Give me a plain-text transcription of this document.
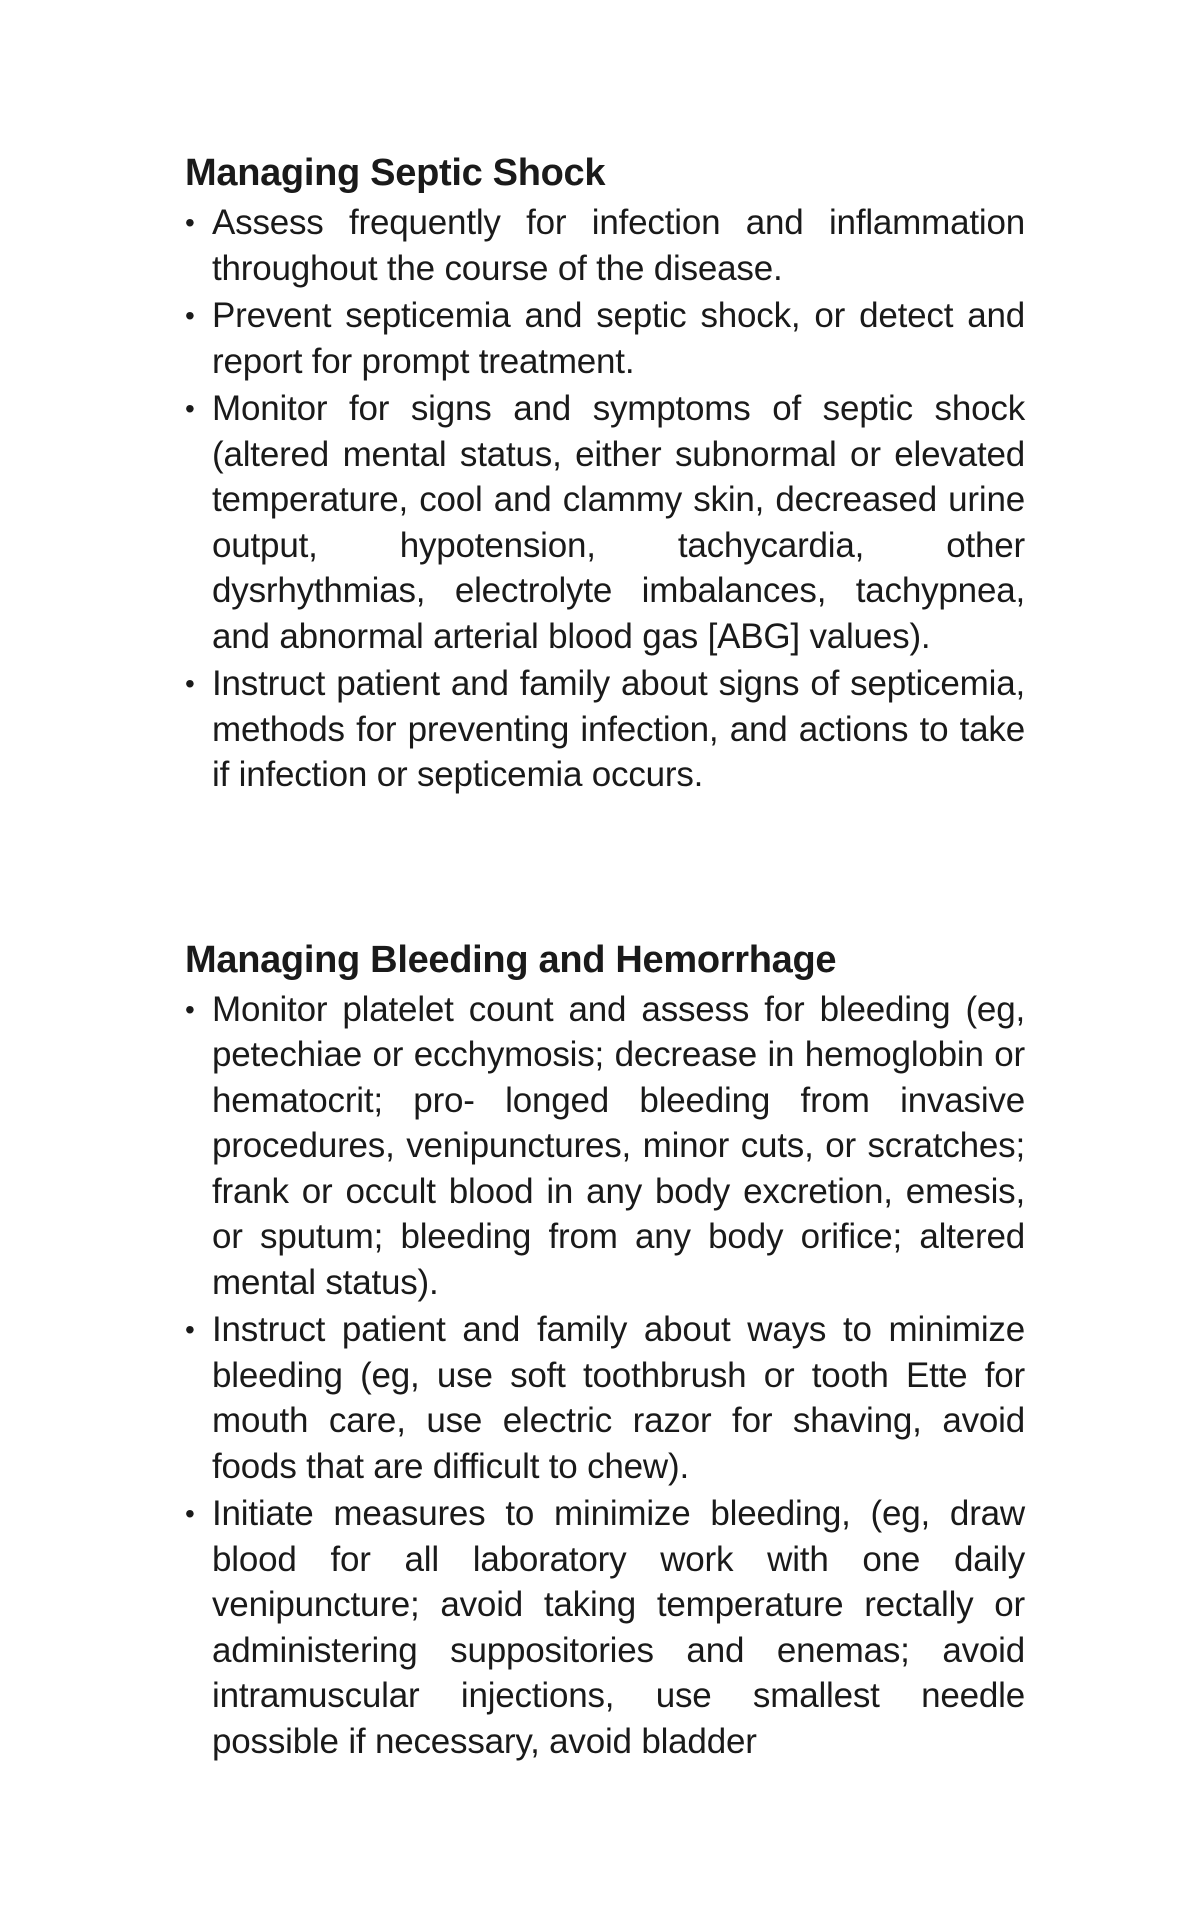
Managing Septic Shock
• Assess frequently for infection and inflammation throughout the course of the disease.
• Prevent septicemia and septic shock, or detect and report for prompt treatment.
• Monitor for signs and symptoms of septic shock (altered mental status, either subnormal or elevated temperature, cool and clammy skin, decreased urine output, hypotension, tachycardia, other dysrhythmias, electrolyte imbalances, tachypnea, and abnormal arterial blood gas [ABG] values).
• Instruct patient and family about signs of septicemia, methods for preventing infection, and actions to take if infection or septicemia occurs.
Managing Bleeding and Hemorrhage
• Monitor platelet count and assess for bleeding (eg, petechiae or ecchymosis; decrease in hemoglobin or hematocrit; pro- longed bleeding from invasive procedures, venipunctures, minor cuts, or scratches; frank or occult blood in any body excretion, emesis, or sputum; bleeding from any body orifice; altered mental status).
• Instruct patient and family about ways to minimize bleeding (eg, use soft toothbrush or tooth Ette for mouth care, use electric razor for shaving, avoid foods that are difficult to chew).
• Initiate measures to minimize bleeding, (eg, draw blood for all laboratory work with one daily venipuncture; avoid taking temperature rectally or administering suppositories and enemas; avoid intramuscular injections, use smallest needle possible if necessary, avoid bladder
